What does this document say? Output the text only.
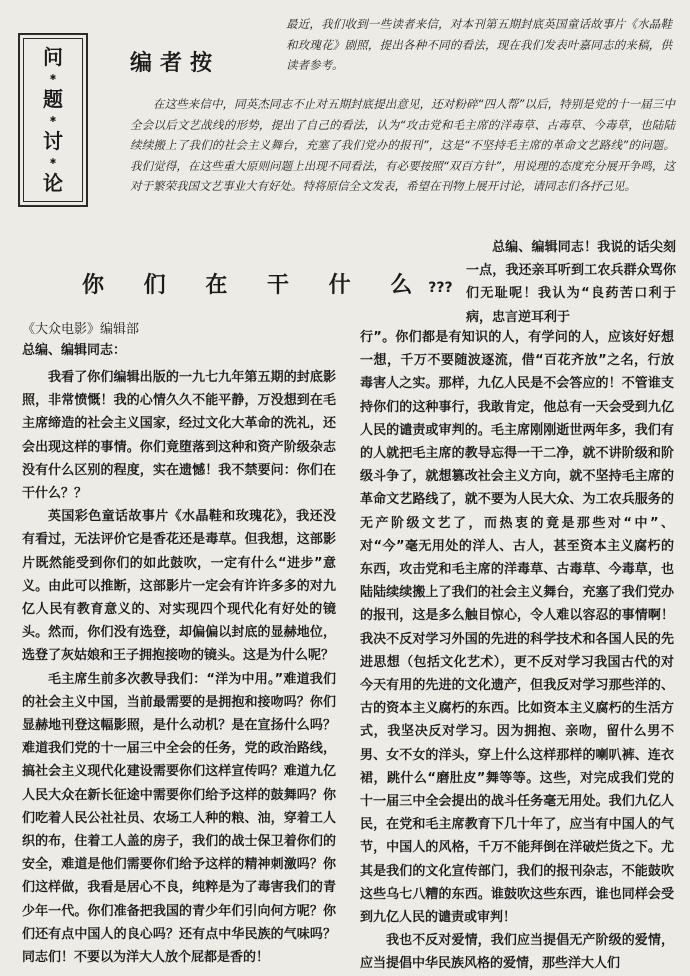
问
✱
题
✱
讨
✱
论
编者按
最近，我们收到一些读者来信，对本刊第五期封底英国童话故事片《水晶鞋和玫瑰花》剧照，提出各种不同的看法，现在我们发表叶嘉同志的来稿，供读者参考。
在这些来信中，同英杰同志不止对五期封底提出意见，还对粉碎“四人帮”以后，特别是党的十一届三中全会以后文艺战线的形势，提出了自己的看法，认为“攻击党和毛主席的洋毒草、古毒草、今毒草，也陆陆续续搬上了我们的社会主义舞台，充塞了我们党办的报刊”，这是“不坚持毛主席的革命文艺路线”的问题。我们觉得，在这些重大原则问题上出现不同看法，有必要按照“双百方针”，用说理的态度充分展开争鸣，这对于繁荣我国文艺事业大有好处。特将原信全文发表，希望在刊物上展开讨论，请同志们各抒己见。
总编、编辑同志！我说的话尖刻一点，我还亲耳听到工农兵群众骂你们无耻呢！我认为“良药苦口利于病，忠言逆耳利于
你 们 在 干 什 么???
《大众电影》编辑部
总编、编辑同志：

我看了你们编辑出版的一九七九年第五期的封底影照，非常愤慨！我的心情久久不能平静，万没想到在毛主席缔造的社会主义国家，经过文化大革命的洗礼，还会出现这样的事情。你们竟堕落到这种和资产阶级杂志没有什么区别的程度，实在遗憾！我不禁要问：你们在干什么？？

英国彩色童话故事片《水晶鞋和玫瑰花》，我还没有看过，无法评价它是香花还是毒草。但我想，这部影片既然能受到你们的如此鼓吹，一定有什么“进步”意义。由此可以推断，这部影片一定会有许许多多的对九亿人民有教育意义的、对实现四个现代化有好处的镜头。然而，你们没有选登，却偏偏以封底的显赫地位，选登了灰姑娘和王子拥抱接吻的镜头。这是为什么呢？

毛主席生前多次教导我们：“洋为中用。”难道我们的社会主义中国，当前最需要的是拥抱和接吻吗？你们显赫地刊登这幅影照，是什么动机？是在宣扬什么吗？难道我们党的十一届三中全会的任务，党的政治路线，搞社会主义现代化建设需要你们这样宣传吗？难道九亿人民大众在新长征途中需要你们给予这样的鼓舞吗？你们吃着人民公社社员、农场工人种的粮、油，穿着工人织的布，住着工人盖的房子，我们的战士保卫着你们的安全，难道是他们需要你们给予这样的精神刺激吗？你们这样做，我看是居心不良，纯粹是为了毒害我们的青少年一代。你们准备把我国的青少年们引向何方呢？你们还有点中国人的良心吗？还有点中华民族的气味吗？同志们！不要以为洋大人放个屁都是香的！

行”。你们都是有知识的人，有学问的人，应该好好想一想，千万不要随波逐流，借“百花齐放”之名，行放毒害人之实。那样，九亿人民是不会答应的！不管谁支持你们的这种事行，我敢肯定，他总有一天会受到九亿人民的谴责或审判的。毛主席刚刚逝世两年多，我们有的人就把毛主席的教导忘得一干二净，就不讲阶级和阶级斗争了，就想篡改社会主义方向，就不坚持毛主席的革命文艺路线了，就不要为人民大众、为工农兵服务的无产阶级文艺了，而热衷的竟是那些对“中”、对“今”毫无用处的洋人、古人，甚至资本主义腐朽的东西，攻击党和毛主席的洋毒草、古毒草、今毒草，也陆陆续续搬上了我们的社会主义舞台，充塞了我们党办的报刊，这是多么触目惊心，令人难以容忍的事情啊！我决不反对学习外国的先进的科学技术和各国人民的先进思想（包括文化艺术），更不反对学习我国古代的对今天有用的先进的文化遗产，但我反对学习那些洋的、古的资本主义腐朽的东西。比如资本主义腐朽的生活方式，我坚决反对学习。因为拥抱、亲吻，留什么男不男、女不女的洋头，穿上什么这样那样的喇叭裤、连衣裙，跳什么“磨肚皮”舞等等。这些，对完成我们党的十一届三中全会提出的战斗任务毫无用处。我们九亿人民，在党和毛主席教育下几十年了，应当有中国人的气节，中国人的风格，千万不能拜倒在洋破烂货之下。尤其是我们的文化宣传部门，我们的报刊杂志，不能鼓吹这些乌七八糟的东西。谁鼓吹这些东西，谁也同样会受到九亿人民的谴责或审判！

我也不反对爱情，我们应当提倡无产阶级的爱情，应当提倡中华民族风格的爱情，那些洋大人们
